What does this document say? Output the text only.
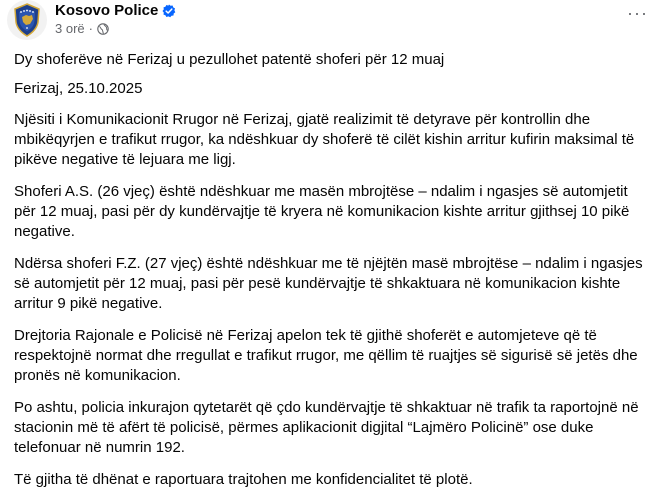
Kosovo Police
3 orë ·
···

Dy shoferëve në Ferizaj u pezullohet patentë shoferi për 12 muaj

Ferizaj, 25.10.2025

Njësiti i Komunikacionit Rrugor në Ferizaj, gjatë realizimit të detyrave për kontrollin dhe mbikëqyrjen e trafikut rrugor, ka ndëshkuar dy shoferë të cilët kishin arritur kufirin maksimal të pikëve negative të lejuara me ligj.

Shoferi A.S. (26 vjeç) është ndëshkuar me masën mbrojtëse – ndalim i ngasjes së automjetit për 12 muaj, pasi për dy kundërvajtje të kryera në komunikacion kishte arritur gjithsej 10 pikë negative.

Ndërsa shoferi F.Z. (27 vjeç) është ndëshkuar me të njëjtën masë mbrojtëse – ndalim i ngasjes së automjetit për 12 muaj, pasi për pesë kundërvajtje të shkaktuara në komunikacion kishte arritur 9 pikë negative.

Drejtoria Rajonale e Policisë në Ferizaj apelon tek të gjithë shoferët e automjeteve që të respektojnë normat dhe rregullat e trafikut rrugor, me qëllim të ruajtjes së sigurisë së jetës dhe pronës në komunikacion.

Po ashtu, policia inkurajon qytetarët që çdo kundërvajtje të shkaktuar në trafik ta raportojnë në stacionin më të afërt të policisë, përmes aplikacionit digjital “Lajmëro Policinë” ose duke telefonuar në numrin 192.

Të gjitha të dhënat e raportuara trajtohen me konfidencialitet të plotë.
